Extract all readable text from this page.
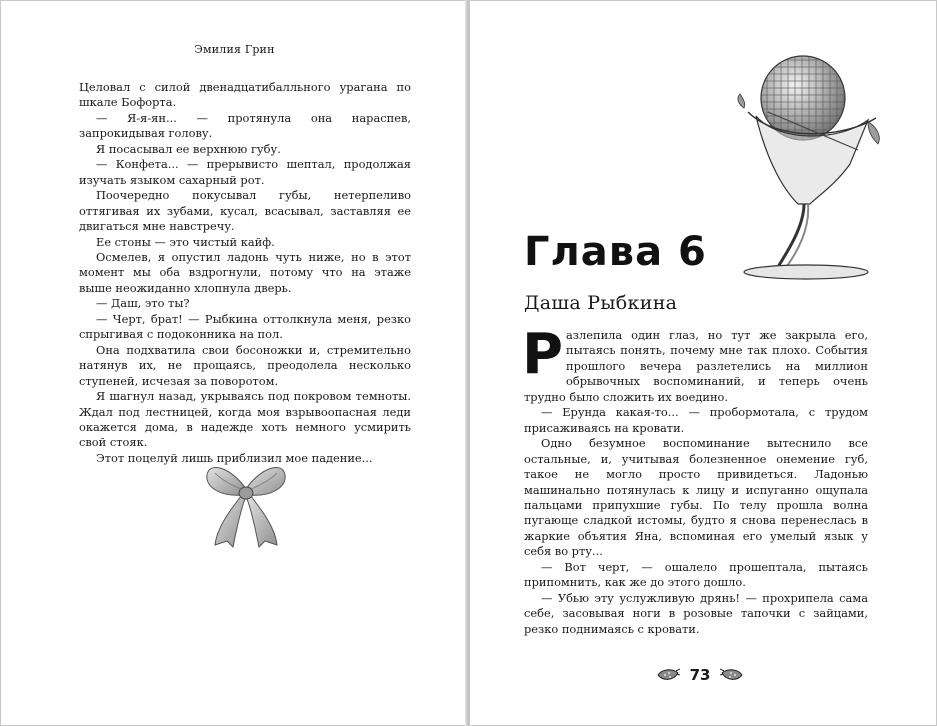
Эмилия Грин

Целовал с силой двенадцатибалльного урагана по шкале Бофорта.

— Я-я-ян... — протянула она нараспев, запрокидывая голову.

Я посасывал ее верхнюю губу.

— Конфета... — прерывисто шептал, продолжая изучать языком сахарный рот.

Поочередно покусывал губы, нетерпеливо оттягивая их зубами, кусал, всасывал, заставляя ее двигаться мне навстречу.

Ее стоны — это чистый кайф.

Осмелев, я опустил ладонь чуть ниже, но в этот момент мы оба вздрогнули, потому что на этаже выше неожиданно хлопнула дверь.

— Даш, это ты?

— Черт, брат! — Рыбкина оттолкнула меня, резко спрыгивая с подоконника на пол.

Она подхватила свои босоножки и, стремительно натянув их, не прощаясь, преодолела несколько ступеней, исчезая за поворотом.

Я шагнул назад, укрываясь под покровом темноты. Ждал под лестницей, когда моя взрывоопасная леди окажется дома, в надежде хоть немного усмирить свой стояк.

Этот поцелуй лишь приблизил мое падение...

Глава 6
Даша Рыбкина

Разлепила один глаз, но тут же закрыла его, пытаясь понять, почему мне так плохо. События прошлого вечера разлетелись на миллион обрывочных воспоминаний, и теперь очень трудно было сложить их воедино.

— Ерунда какая-то... — пробормотала, с трудом присаживаясь на кровати.

Одно безумное воспоминание вытеснило все остальные, и, учитывая болезненное онемение губ, такое не могло просто привидеться. Ладонью машинально потянулась к лицу и испуганно ощупала пальцами припухшие губы. По телу прошла волна пугающе сладкой истомы, будто я снова перенеслась в жаркие объятия Яна, вспоминая его умелый язык у себя во рту...

— Вот черт, — ошалело прошептала, пытаясь припомнить, как же до этого дошло.

— Убью эту услужливую дрянь! — прохрипела сама себе, засовывая ноги в розовые тапочки с зайцами, резко поднимаясь с кровати.

73
